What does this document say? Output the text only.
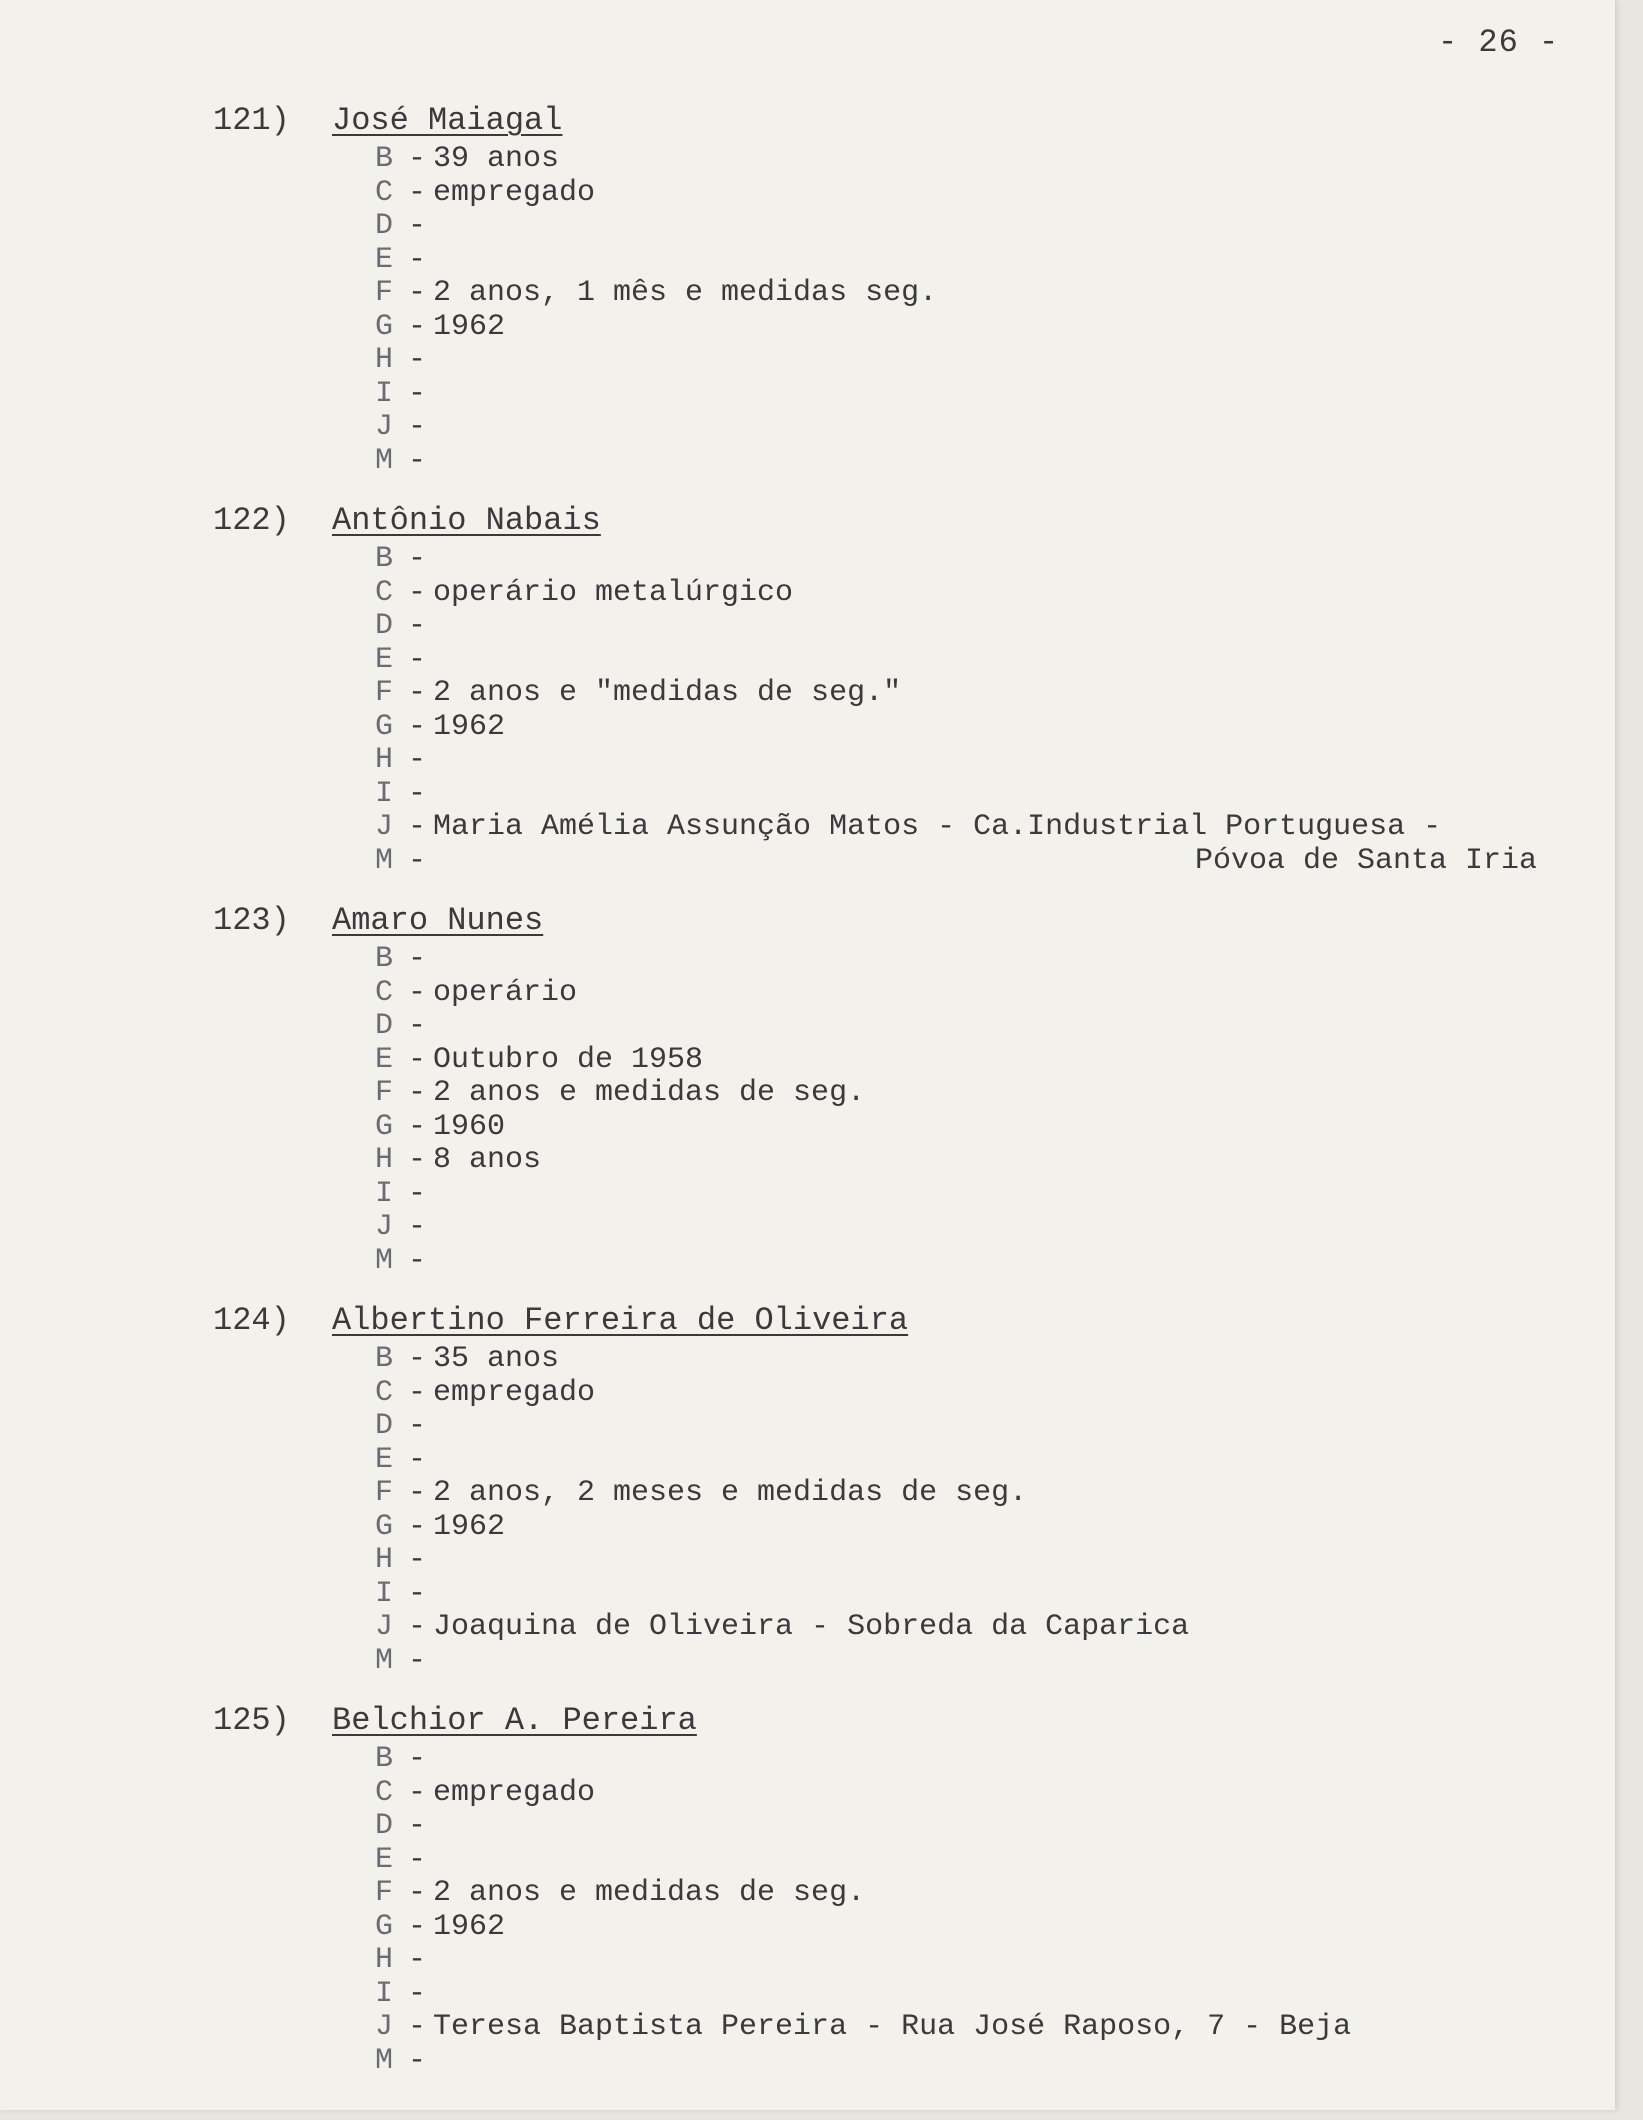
- 26 -
121) José Maiagal
B - 39 anos
C - empregado
D -
E -
F - 2 anos, 1 mês e medidas seg.
G - 1962
H -
I -
J -
M -
122) Antônio Nabais
B -
C - operário metalúrgico
D -
E -
F - 2 anos e "medidas de seg."
G - 1962
H -
I -
J - Maria Amélia Assunção Matos - Ca.Industrial Portuguesa -
M -	Póvoa de Santa Iria
123) Amaro Nunes
B -
C - operário
D -
E - Outubro de 1958
F - 2 anos e medidas de seg.
G - 1960
H - 8 anos
I -
J -
M -
124) Albertino Ferreira de Oliveira
B - 35 anos
C - empregado
D -
E -
F - 2 anos, 2 meses e medidas de seg.
G - 1962
H -
I -
J - Joaquina de Oliveira - Sobreda da Caparica
M -
125) Belchior A. Pereira
B -
C - empregado
D -
E -
F - 2 anos e medidas de seg.
G - 1962
H -
I -
J - Teresa Baptista Pereira - Rua José Raposo, 7 - Beja
M -
